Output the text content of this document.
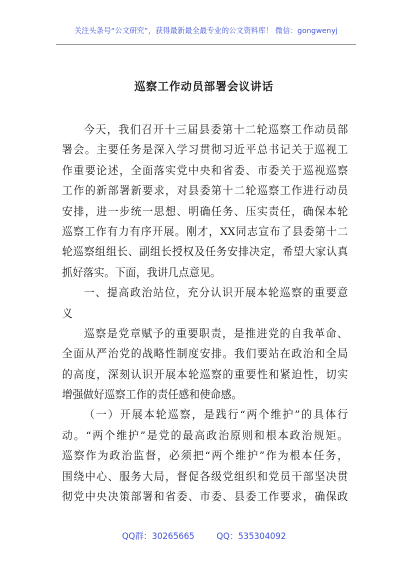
关注头条号“公文研究”，获得最新最全最专业的公文资料库！ 微信：gongwenyj
巡察工作动员部署会议讲话
今天，我们召开十三届县委第十二轮巡察工作动员部
署会。主要任务是深入学习贯彻习近平总书记关于巡视工
作重要论述，全面落实党中央和省委、市委关于巡视巡察
工作的新部署新要求，对县委第十二轮巡察工作进行动员
安排，进一步统一思想、明确任务、压实责任，确保本轮
巡察工作有力有序开展。刚才，XX同志宣布了县委第十二
轮巡察组组长、副组长授权及任务安排决定，希望大家认真
抓好落实。下面，我讲几点意见。
一、提高政治站位，充分认识开展本轮巡察的重要意
义
巡察是党章赋予的重要职责，是推进党的自我革命、
全面从严治党的战略性制度安排。我们要站在政治和全局
的高度，深刻认识开展本轮巡察的重要性和紧迫性，切实
增强做好巡察工作的责任感和使命感。
（一）开展本轮巡察，是践行“两个维护”的具体行
动。“两个维护”是党的最高政治原则和根本政治规矩。
巡察作为政治监督，必须把“两个维护”作为根本任务，
围绕中心、服务大局，督促各级党组织和党员干部坚决贯
彻党中央决策部署和省委、市委、县委工作要求，确保政
QQ群：30265665	QQ：535304092
